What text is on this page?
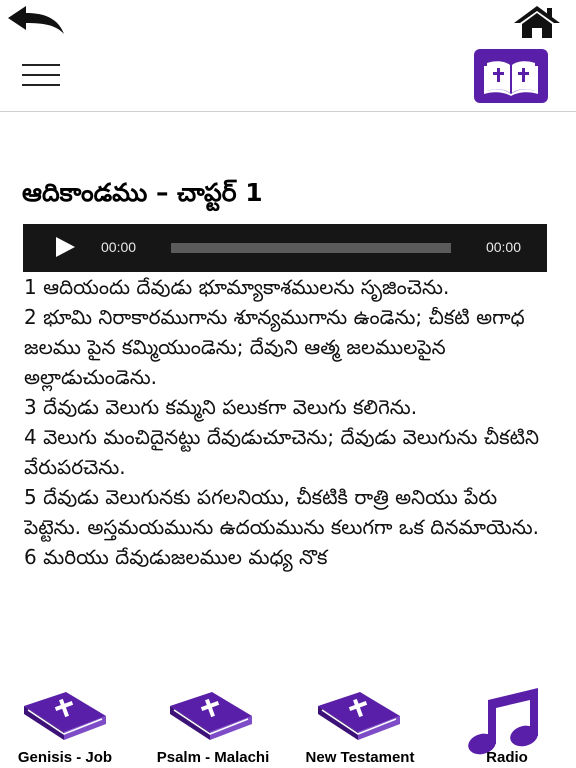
ఆదికాండము – చాప్టర్ 1
00:00	00:00
1 ఆదియందు దేవుడు భూమ్యాకాశములను సృజించెను.
2 భూమి నిరాకారముగాను శూన్యముగాను ఉండెను; చీకటి అగాధ జలము పైన కమ్మియుండెను; దేవుని ఆత్మ జలములపైన అల్లాడుచుండెను.
3 దేవుడు వెలుగు కమ్మని పలుకగా వెలుగు కలిగెను.
4 వెలుగు మంచిదైనట్టు దేవుడుచూచెను; దేవుడు వెలుగును చీకటిని వేరుపరచెను.
5 దేవుడు వెలుగునకు పగలనియు, చీకటికి రాత్రి అనియు పేరు పెట్టెను. అస్తమయమును ఉదయమును కలుగగా ఒక దినమాయెను.
6 మరియు దేవుడుజలముల మధ్య నొక
Genisis - Job	Psalm - Malachi	New Testament	Radio
